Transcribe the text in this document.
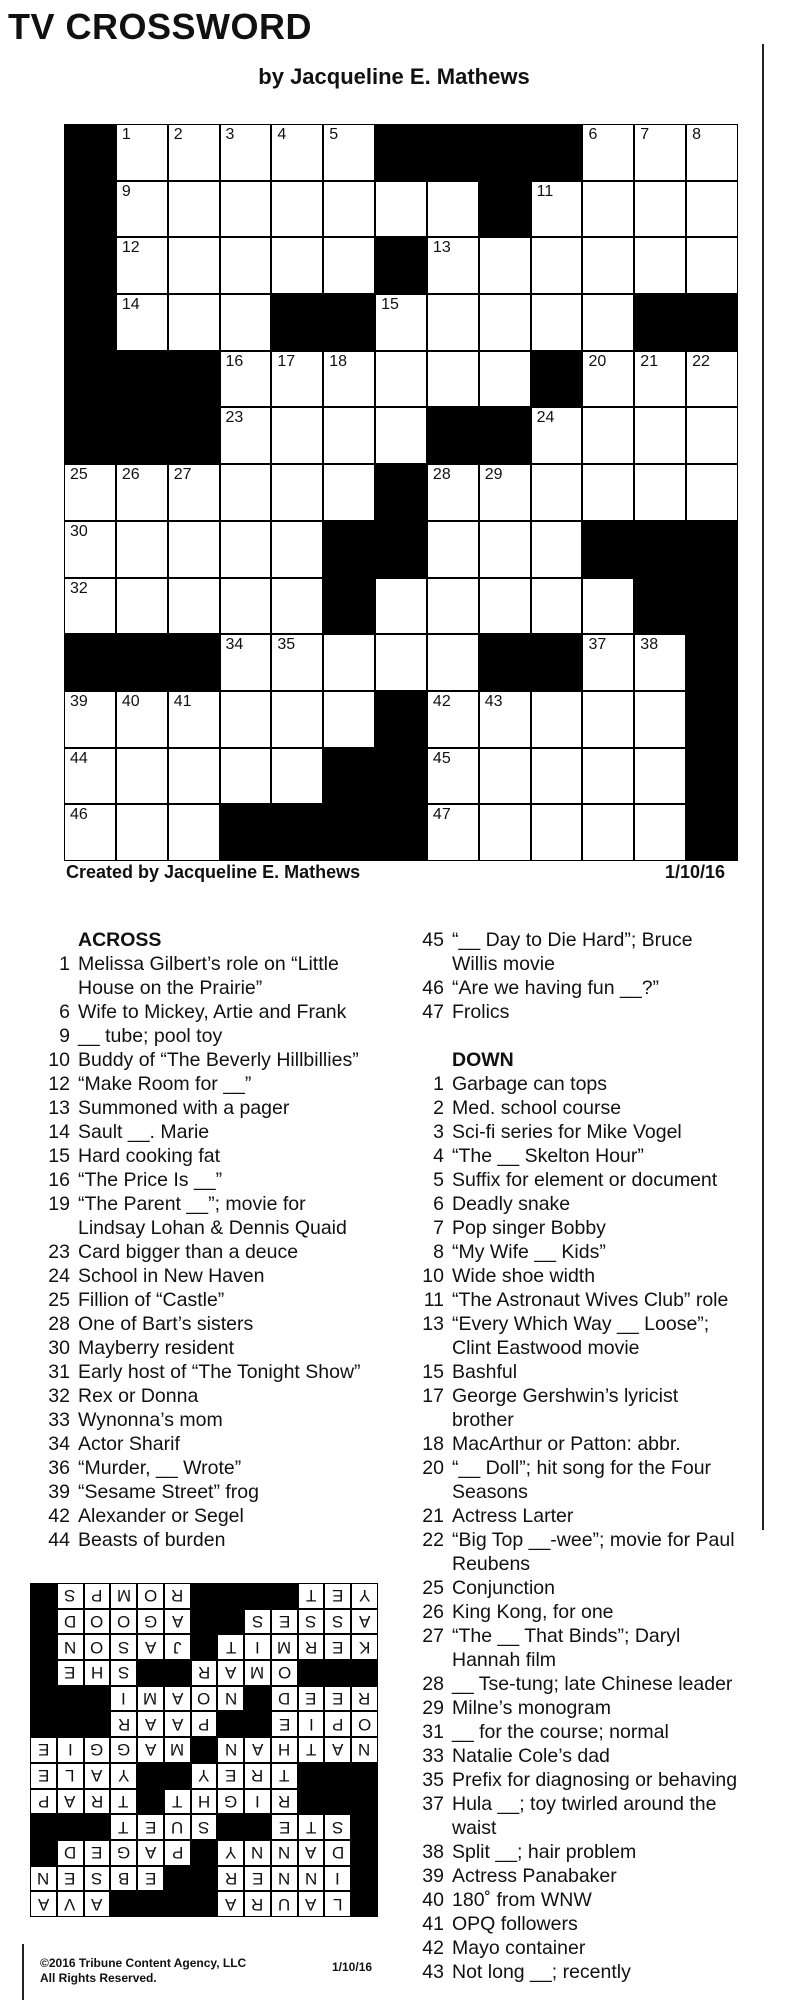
TV CROSSWORD
by Jacqueline E. Mathews
1	2	3	4	5	6	7	8
9	11
12	13
14	15
16 17 18	20 21 22
23	24
25 26 27	28 29
30
32
34 35	37 38
39 40 41	42 43
44	45
46	47
Created by Jacqueline E. Mathews	1/10/16
ACROSS
1 Melissa Gilbert’s role on “Little
House on the Prairie”
6 Wife to Mickey, Artie and Frank
9 __ tube; pool toy
10 Buddy of “The Beverly Hillbillies”
12 “Make Room for __”
13 Summoned with a pager
14 Sault __. Marie
15 Hard cooking fat
16 “The Price Is __”
19 “The Parent __”; movie for
Lindsay Lohan & Dennis Quaid
23 Card bigger than a deuce
24 School in New Haven
25 Fillion of “Castle”
28 One of Bart’s sisters
30 Mayberry resident
31 Early host of “The Tonight Show”
32 Rex or Donna
33 Wynonna’s mom
34 Actor Sharif
36 “Murder, __ Wrote”
39 “Sesame Street” frog
42 Alexander or Segel
44 Beasts of burden
45 “__ Day to Die Hard”; Bruce
Willis movie
46 “Are we having fun __?”
47 Frolics
DOWN
1 Garbage can tops
2 Med. school course
3 Sci-fi series for Mike Vogel
4 “The __ Skelton Hour”
5 Suffix for element or document
6 Deadly snake
7 Pop singer Bobby
8 “My Wife __ Kids”
10 Wide shoe width
11 “The Astronaut Wives Club” role
13 “Every Which Way __ Loose”;
Clint Eastwood movie
15 Bashful
17 George Gershwin’s lyricist
brother
18 MacArthur or Patton: abbr.
20 “__ Doll”; hit song for the Four
Seasons
21 Actress Larter
22 “Big Top __-wee”; movie for Paul
Reubens
25 Conjunction
26 King Kong, for one
27 “The __ That Binds”; Daryl
Hannah film
28 __ Tse-tung; late Chinese leader
29 Milne’s monogram
31 __ for the course; normal
33 Natalie Cole’s dad
35 Prefix for diagnosing or behaving
37 Hula __; toy twirled around the
waist
38 Split __; hair problem
39 Actress Panabaker
40 180˚ from WNW
41 OPQ followers
42 Mayo container
43 Not long __; recently
L
A
U
R
A
A
V
A
I
N
N
E
R
E
B
S
E
N
D
A
N
N
Y
P
A
G
E
D
S
T
E
S
U
E
T
R
I
G
H
T
T
R
A
P
T
R
E
Y
Y
A
L
E
N
A
T
H
A
N
M
A
G
G
I
E
O
P
I
E
P
A
A
R
R
E
E
D
N
O
A
M
I
O
M
A
R
S
H
E
K
E
R
M
I
T
J
A
S
O
N
A
S
S
E
S
A
G
O
O
D
Y
E
T
R
O
M
P
S
©2016 Tribune Content Agency, LLC
All Rights Reserved.
1/10/16
